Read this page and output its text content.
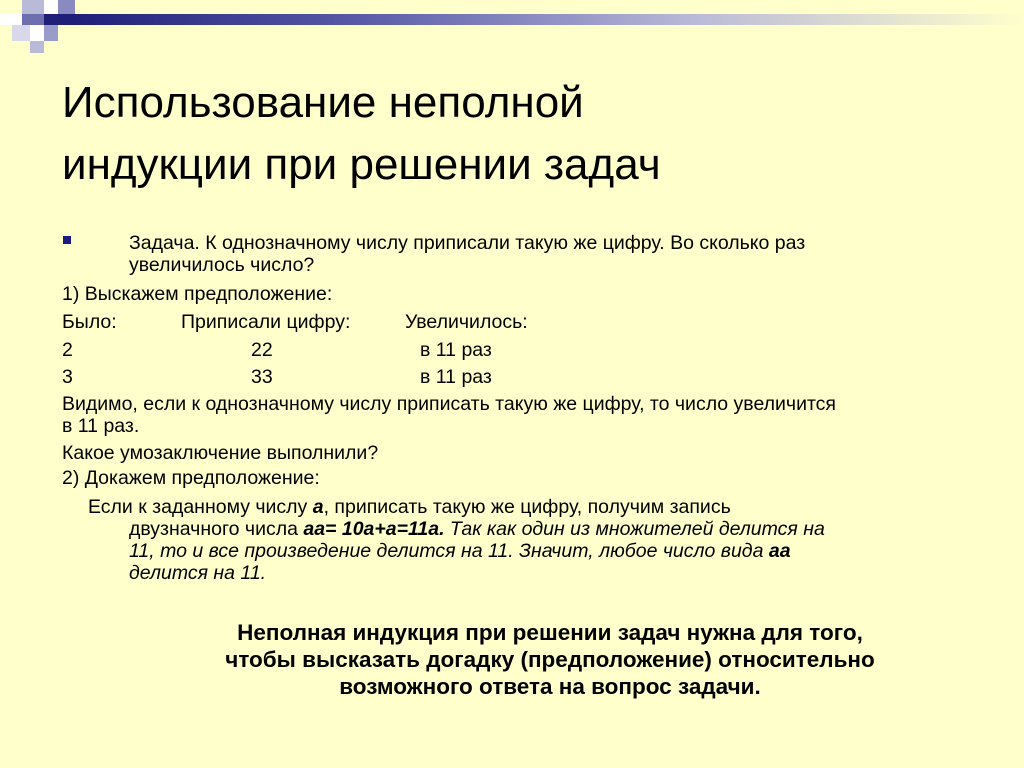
Использование неполной
индукции при решении задач
Задача. К однозначному числу приписали такую же цифру. Во сколько раз
увеличилось число?
1) Выскажем предположение:
Было:	Приписали цифру:	Увеличилось:
2	22	в 11 раз
3	33	в 11 раз
Видимо, если к однозначному числу приписать такую же цифру, то число увеличится
в 11 раз.
Какое умозаключение выполнили?
2) Докажем предположение:
Если к заданному числу а, приписать такую же цифру, получим запись
двузначного числа аа= 10а+а=11а. Так как один из множителей делится на
11, то и все произведение делится на 11. Значит, любое число вида аа
делится на 11.
Неполная индукция при решении задач нужна для того,
чтобы высказать догадку (предположение) относительно
возможного ответа на вопрос задачи.
